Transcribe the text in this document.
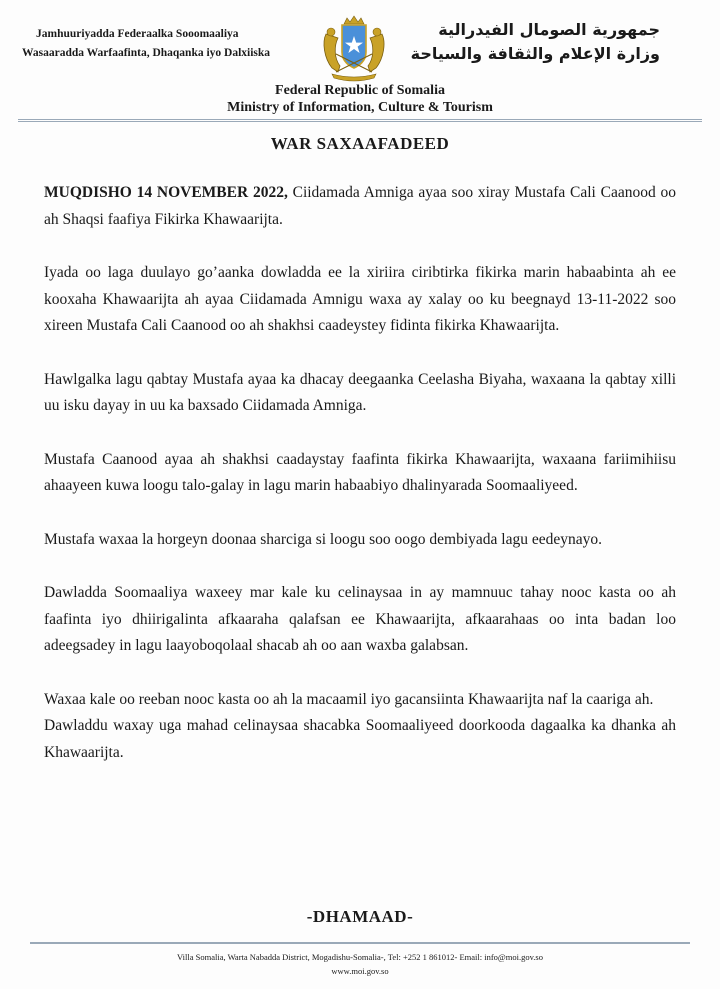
Jamhuuriyadda Federaalka Sooomaaliya
Wasaaradda Warfaafinta, Dhaqanka iyo Dalxiiska
جمهورية الصومال الفيدرالية
وزارة الإعلام والثقافة والسياحة
Federal Republic of Somalia
Ministry of Information, Culture & Tourism
WAR SAXAAFADEED

MUQDISHO 14 NOVEMBER 2022, Ciidamada Amniga ayaa soo xiray Mustafa Cali Caanood oo ah Shaqsi faafiya Fikirka Khawaarijta.

Iyada oo laga duulayo go’aanka dowladda ee la xiriira ciribtirka fikirka marin habaabinta ah ee kooxaha Khawaarijta ah ayaa Ciidamada Amnigu waxa ay xalay oo ku beegnayd 13-11-2022 soo xireen Mustafa Cali Caanood oo ah shakhsi caadeystey fidinta fikirka Khawaarijta.

Hawlgalka lagu qabtay Mustafa ayaa ka dhacay deegaanka Ceelasha Biyaha, waxaana la qabtay xilli uu isku dayay in uu ka baxsado Ciidamada Amniga.

Mustafa Caanood ayaa ah shakhsi caadaystay faafinta fikirka Khawaarijta, waxaana fariimihiisu ahaayeen kuwa loogu talo-galay in lagu marin habaabiyo dhalinyarada Soomaaliyeed.

Mustafa waxaa la horgeyn doonaa sharciga si loogu soo oogo dembiyada lagu eedeynayo.

Dawladda Soomaaliya waxeey mar kale ku celinaysaa in ay mamnuuc tahay nooc kasta oo ah faafinta iyo dhiirigalinta afkaaraha qalafsan ee Khawaarijta, afkaarahaas oo inta badan loo adeegsadey in lagu laayoboqolaal shacab ah oo aan waxba galabsan.

Waxaa kale oo reeban nooc kasta oo ah la macaamil iyo gacansiinta Khawaarijta naf la caariga ah.

Dawladdu waxay uga mahad celinaysaa shacabka Soomaaliyeed doorkooda dagaalka ka dhanka ah Khawaarijta.

-DHAMAAD-
Villa Somalia, Warta Nabadda District, Mogadishu-Somalia-, Tel: +252 1 861012- Email: info@moi.gov.so
www.moi.gov.so
